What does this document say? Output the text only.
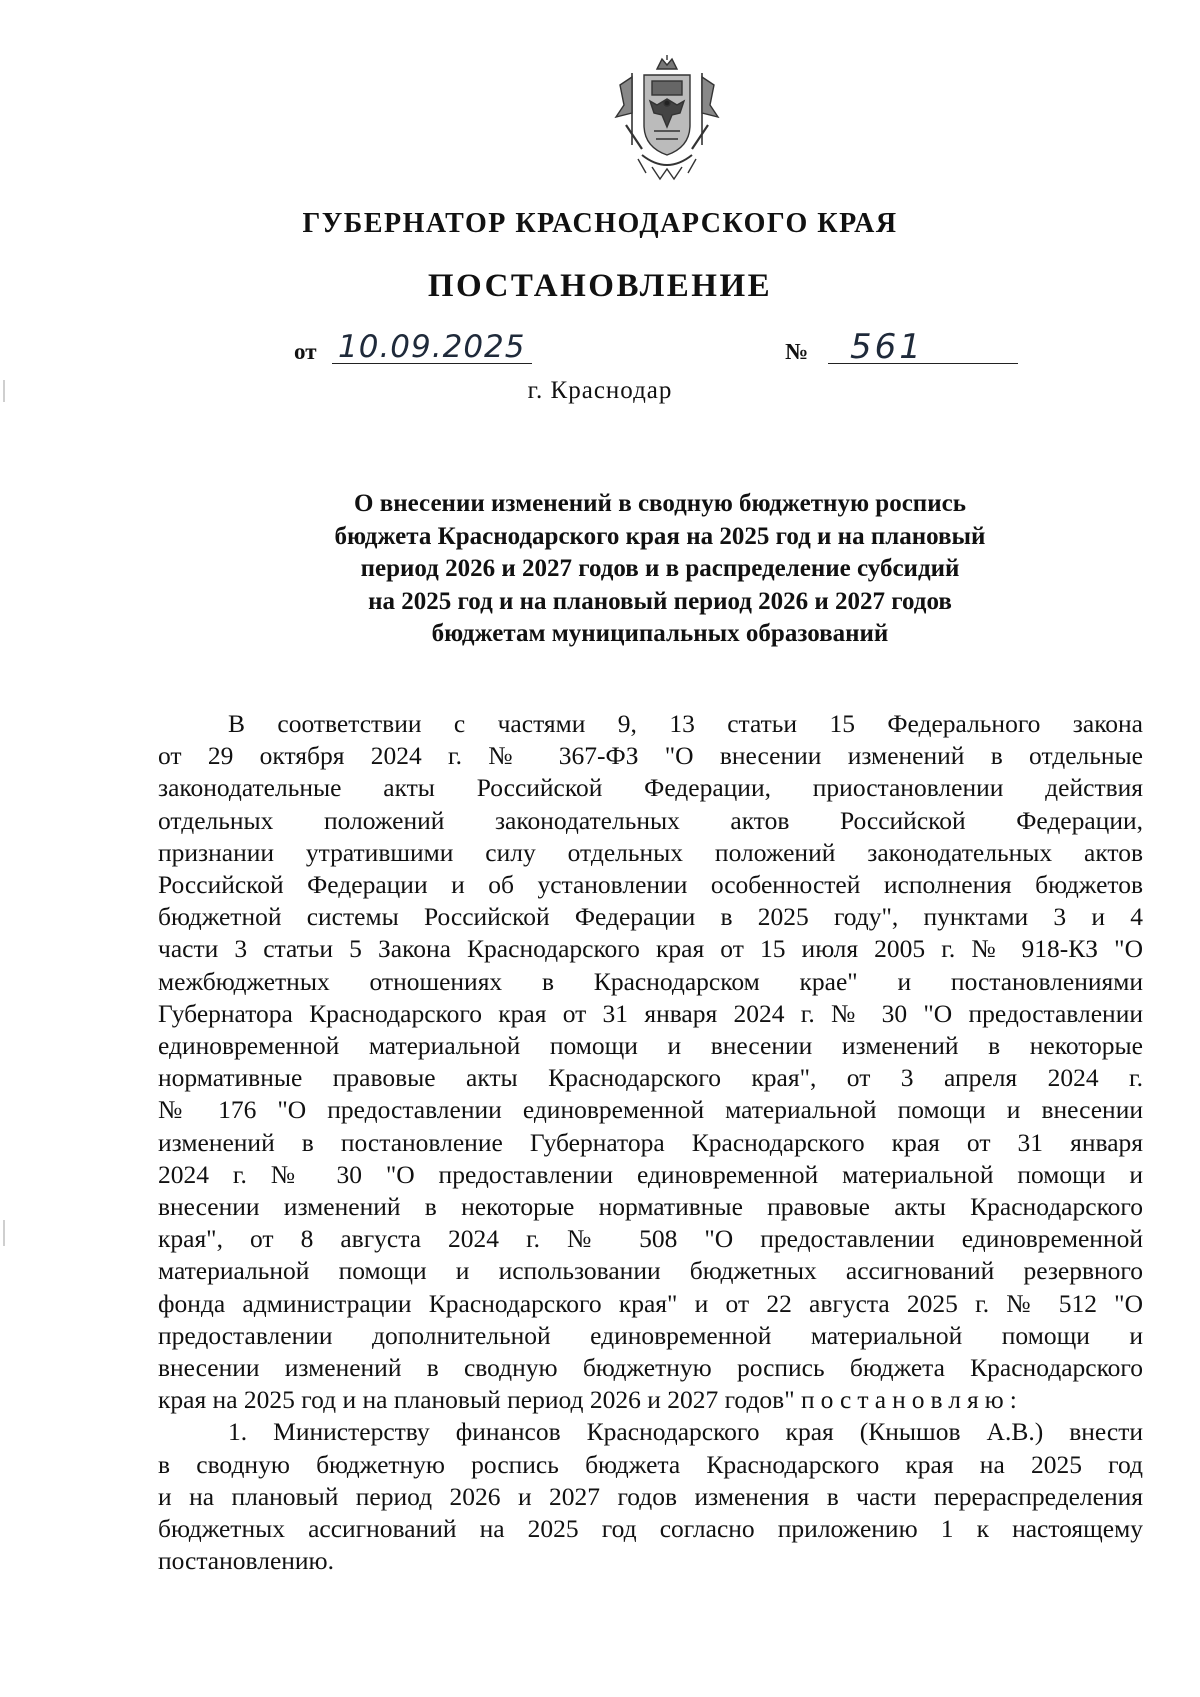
ГУБЕРНАТОР КРАСНОДАРСКОГО КРАЯ
ПОСТАНОВЛЕНИЕ
от 10.09.2025	№ 561
г. Краснодар
О внесении изменений в сводную бюджетную роспись
бюджета Краснодарского края на 2025 год и на плановый
период 2026 и 2027 годов и в распределение субсидий
на 2025 год и на плановый период 2026 и 2027 годов
бюджетам муниципальных образований
В соответствии с частями 9, 13 статьи 15 Федерального закона
от 29 октября 2024 г. № 367-ФЗ "О внесении изменений в отдельные
законодательные акты Российской Федерации, приостановлении действия
отдельных положений законодательных актов Российской Федерации,
признании утратившими силу отдельных положений законодательных актов
Российской Федерации и об установлении особенностей исполнения бюджетов
бюджетной системы Российской Федерации в 2025 году", пунктами 3 и 4
части 3 статьи 5 Закона Краснодарского края от 15 июля 2005 г. № 918-КЗ "О
межбюджетных отношениях в Краснодарском крае" и постановлениями
Губернатора Краснодарского края от 31 января 2024 г. № 30 "О предоставлении
единовременной материальной помощи и внесении изменений в некоторые
нормативные правовые акты Краснодарского края", от 3 апреля 2024 г.
№ 176 "О предоставлении единовременной материальной помощи и внесении
изменений в постановление Губернатора Краснодарского края от 31 января
2024 г. № 30 "О предоставлении единовременной материальной помощи и
внесении изменений в некоторые нормативные правовые акты Краснодарского
края", от 8 августа 2024 г. № 508 "О предоставлении единовременной
материальной помощи и использовании бюджетных ассигнований резервного
фонда администрации Краснодарского края" и от 22 августа 2025 г. № 512 "О
предоставлении дополнительной единовременной материальной помощи и
внесении изменений в сводную бюджетную роспись бюджета Краснодарского
края на 2025 год и на плановый период 2026 и 2027 годов" постановляю:
1. Министерству финансов Краснодарского края (Кнышов А.В.) внести
в сводную бюджетную роспись бюджета Краснодарского края на 2025 год
и на плановый период 2026 и 2027 годов изменения в части перераспределения
бюджетных ассигнований на 2025 год согласно приложению 1 к настоящему
постановлению.
